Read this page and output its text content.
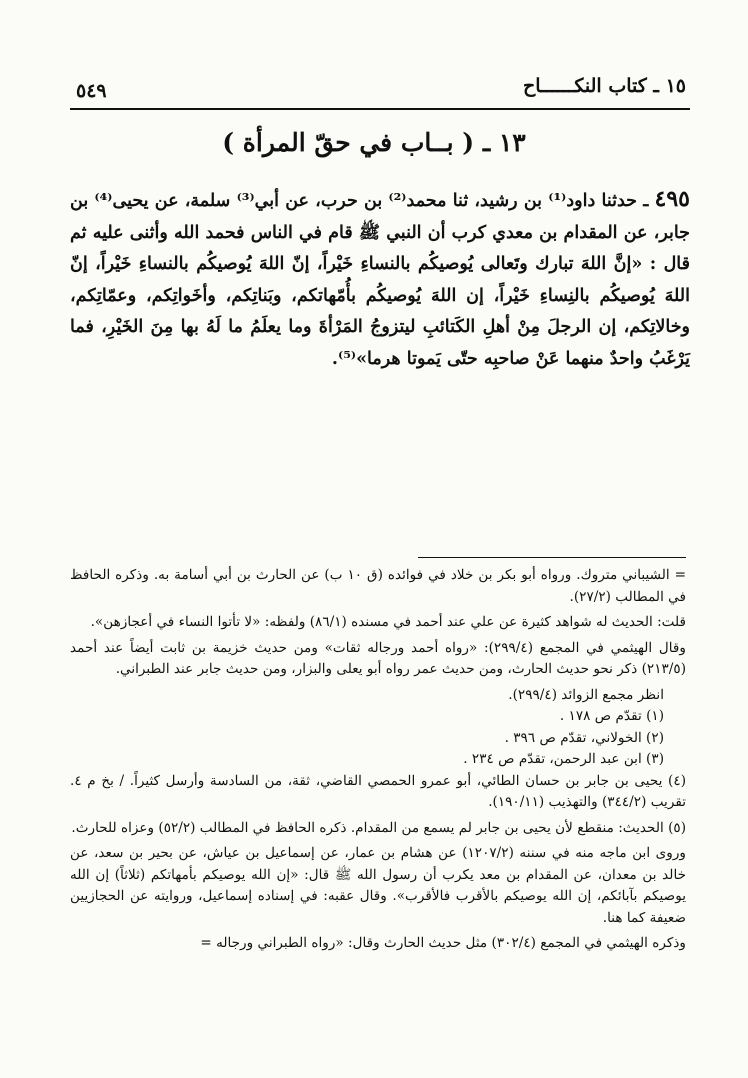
١٥ ـ كتاب النكــــــاح
٥٤٩
١٣ ـ ( بــاب في حقّ المرأة )
٤٩٥ ـ حدثنا داود⁽¹⁾ بن رشيد، ثنا محمد⁽²⁾ بن حرب، عن أبي⁽³⁾ سلمة، عن يحيى⁽⁴⁾ بن جابر، عن المقدام بن معدي كرب أن النبي ﷺ قام في الناس فحمد الله وأثنى عليه ثم قال : «إنَّ اللهَ تبارك وتَعالى يُوصيكُم بالنساءِ خَيْراً، إنّ اللهَ يُوصيكُم بالنساءِ خَيْراً، إنّ اللهَ يُوصيكُم بالنِساءِ خَيْراً، إن اللهَ يُوصيكُم بأُمّهاتكم، وبَناتِكم، وأخَواتِكم، وعمّاتِكم، وخالاتِكم، إن الرجلَ مِنْ أهلِ الكَتائبِ ليتزوجُ المَرْأةَ وما يعلَمُ ما لَهُ بها مِنَ الخَيْرِ، فما يَرْغَبُ واحدٌ منهما عَنْ صاحبِه حتّى يَموتا هرما»⁽⁵⁾.

= الشيباني متروك. ورواه أبو بكر بن خلاد في فوائده (ق ١٠ ب) عن الحارث بن أبي أسامة به. وذكره الحافظ في المطالب (٢٧/٢).

قلت: الحديث له شواهد كثيرة عن علي عند أحمد في مسنده (٨٦/١) ولفظه: «لا تأتوا النساء في أعجازهن».

وقال الهيثمي في المجمع (٢٩٩/٤): «رواه أحمد ورجاله ثقات» ومن حديث خزيمة بن ثابت أيضاً عند أحمد (٢١٣/٥) ذكر نحو حديث الحارث، ومن حديث عمر رواه أبو يعلى والبزار، ومن حديث جابر عند الطبراني.

انظر مجمع الزوائد (٢٩٩/٤).

(١) تقدّم ص ١٧٨ .

(٢) الخولاني، تقدّم ص ٣٩٦ .

(٣) ابن عبد الرحمن، تقدّم ص ٢٣٤ .

(٤) يحيى بن جابر بن حسان الطائي، أبو عمرو الحمصي القاضي، ثقة، من السادسة وأرسل كثيراً. / بخ م ٤. تقريب (٣٤٤/٢) والتهذيب (١٩٠/١١).

(٥) الحديث: منقطع لأن يحيى بن جابر لم يسمع من المقدام. ذكره الحافظ في المطالب (٥٢/٢) وعزاه للحارث.

وروى ابن ماجه منه في سننه (١٢٠٧/٢) عن هشام بن عمار، عن إسماعيل بن عياش، عن بحير بن سعد، عن خالد بن معدان، عن المقدام بن معد يكرب أن رسول الله ﷺ قال: «إن الله يوصيكم بأمهاتكم (ثلاثاً) إن الله يوصيكم بآبائكم، إن الله يوصيكم بالأقرب فالأقرب». وقال عقبه: في إسناده إسماعيل، وروايته عن الحجازيين ضعيفة كما هنا.

وذكره الهيثمي في المجمع (٣٠٢/٤) مثل حديث الحارث وقال: «رواه الطبراني ورجاله =
